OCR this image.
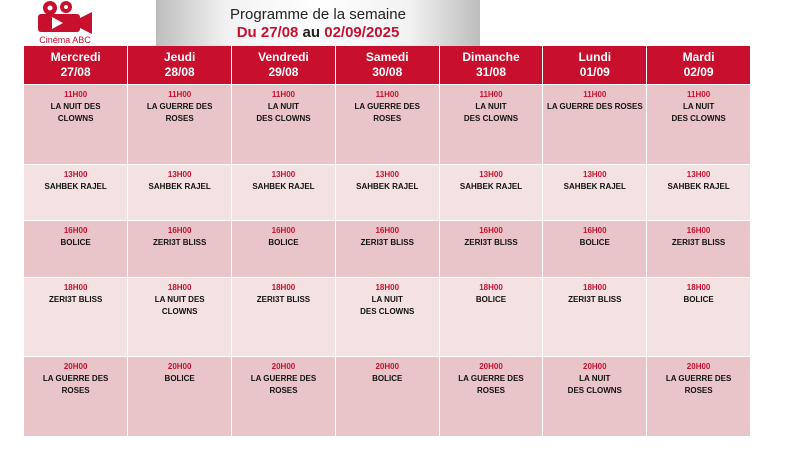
Cinéma ABC
Programme de la semaine
Du 27/08 au 02/09/2025
Mercredi
27/08	Jeudi
28/08	Vendredi
29/08	Samedi
30/08	Dimanche
31/08	Lundi
01/09	Mardi
02/09

11H00
LA NUIT DES
CLOWNS	11H00
LA GUERRE DES
ROSES	11H00
LA NUIT
DES CLOWNS	11H00
LA GUERRE DES
ROSES	11H00
LA NUIT
DES CLOWNS	11H00
LA GUERRE DES ROSES	11H00
LA NUIT
DES CLOWNS

13H00
SAHBEK RAJEL	13H00
SAHBEK RAJEL	13H00
SAHBEK RAJEL	13H00
SAHBEK RAJEL	13H00
SAHBEK RAJEL	13H00
SAHBEK RAJEL	13H00
SAHBEK RAJEL

16H00
BOLICE	16H00
ZERI3T BLISS	16H00
BOLICE	16H00
ZERI3T BLISS	16H00
ZERI3T BLISS	16H00
BOLICE	16H00
ZERI3T BLISS

18H00
ZERI3T BLISS	18H00
LA NUIT DES
CLOWNS	18H00
ZERI3T BLISS	18H00
LA NUIT
DES CLOWNS	18H00
BOLICE	18H00
ZERI3T BLISS	18H00
BOLICE

20H00
LA GUERRE DES
ROSES	20H00
BOLICE	20H00
LA GUERRE DES
ROSES	20H00
BOLICE	20H00
LA GUERRE DES
ROSES	20H00
LA NUIT
DES CLOWNS	20H00
LA GUERRE DES
ROSES
